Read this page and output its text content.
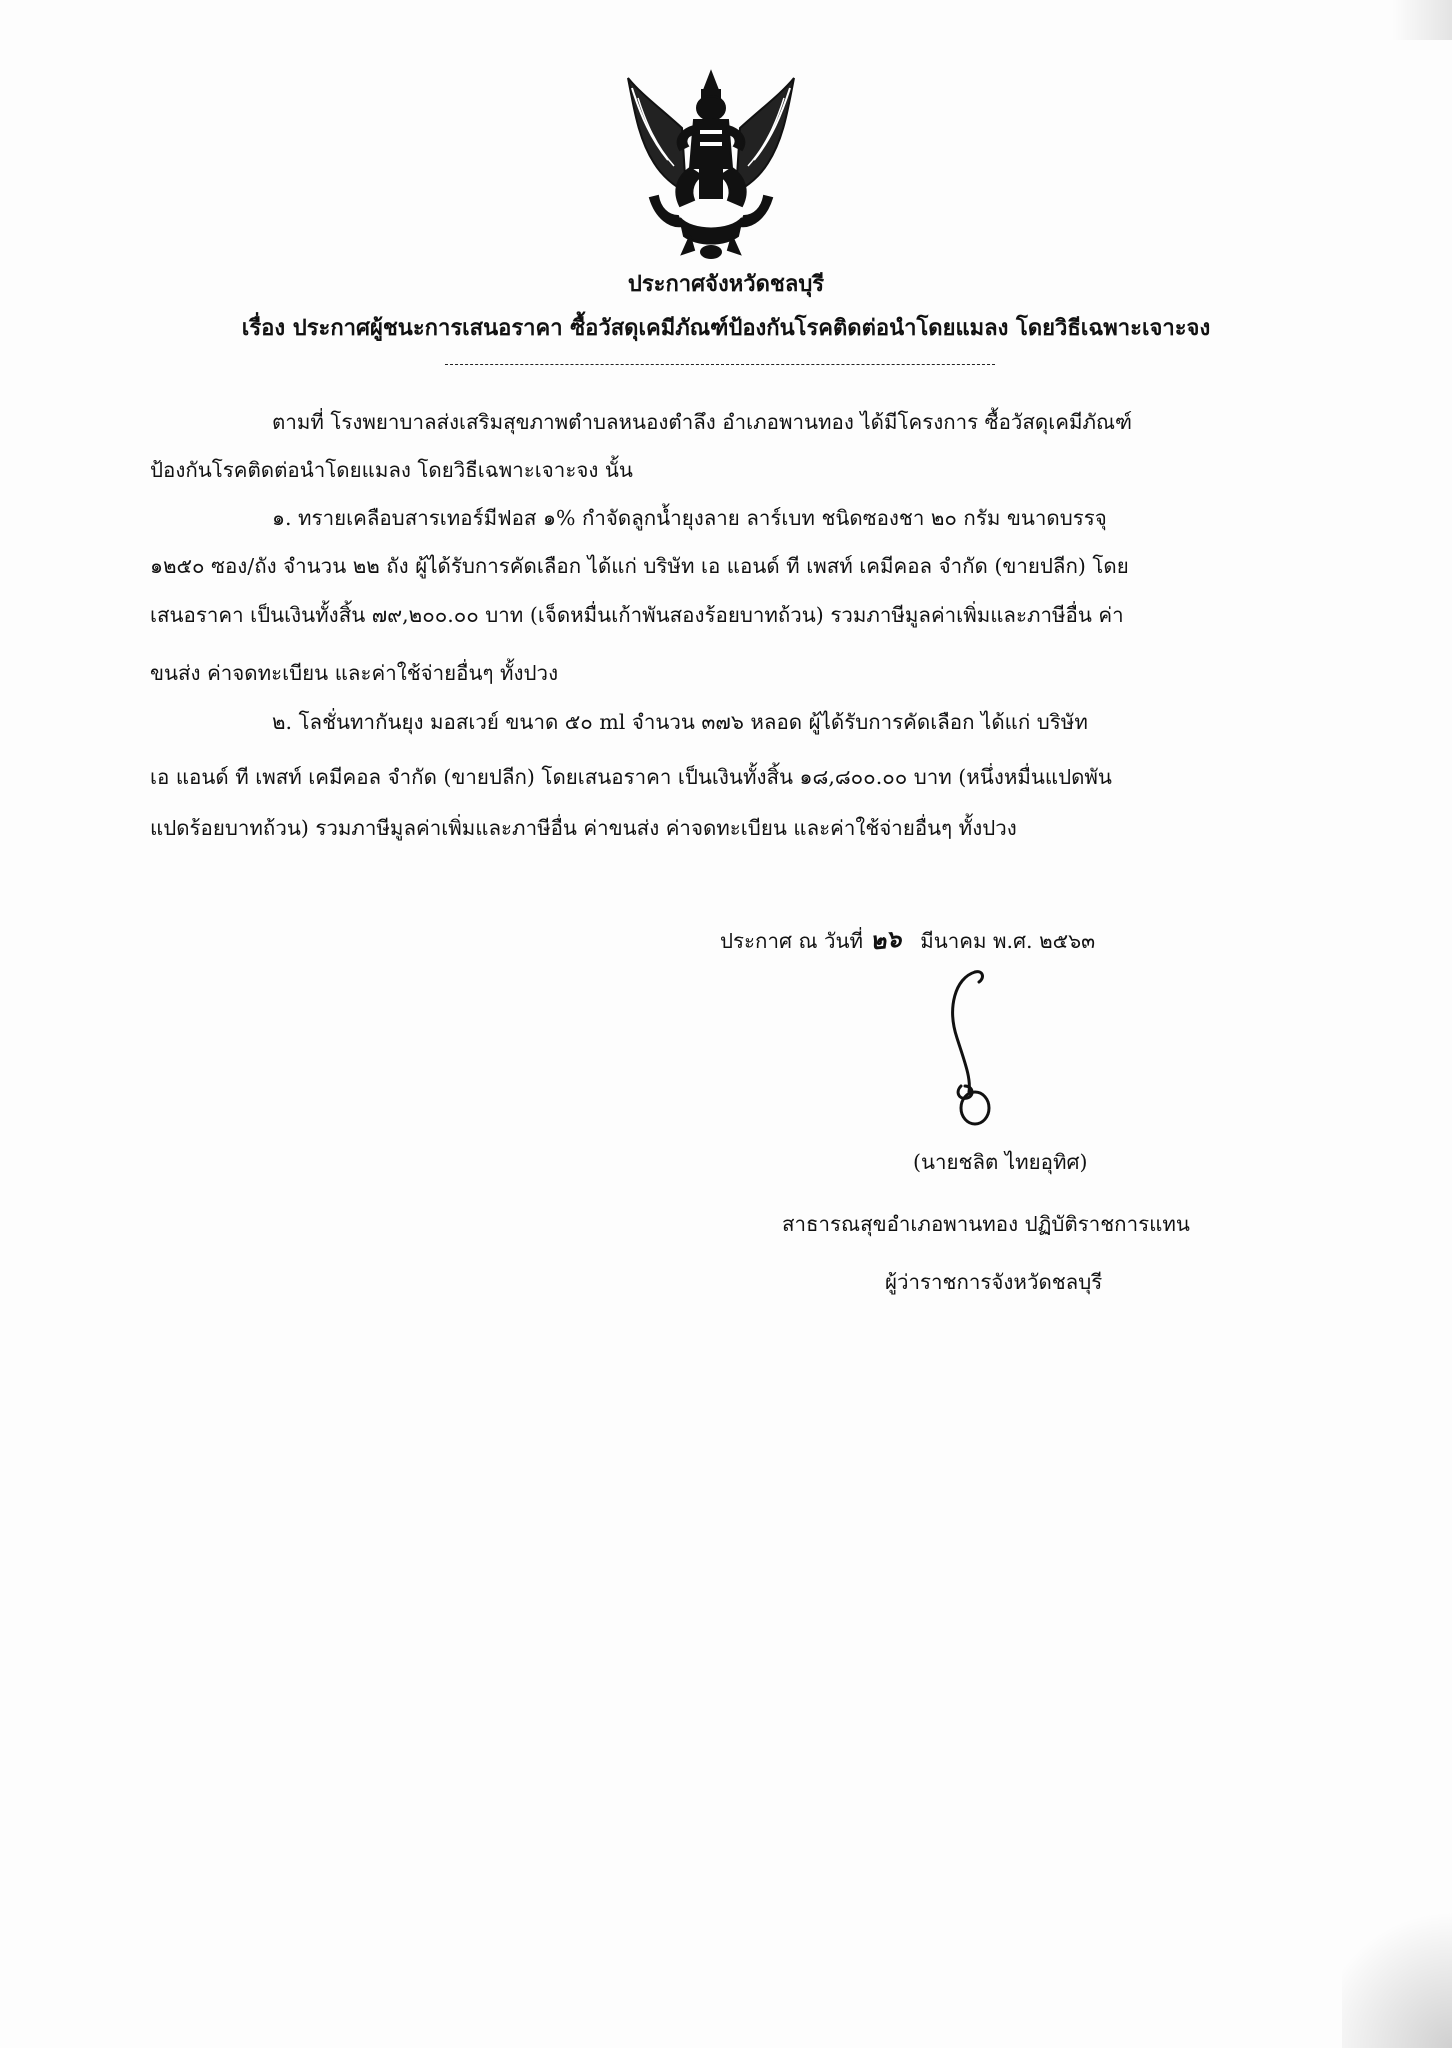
ประกาศจังหวัดชลบุรี
เรื่อง ประกาศผู้ชนะการเสนอราคา ซื้อวัสดุเคมีภัณฑ์ป้องกันโรคติดต่อนำโดยแมลง โดยวิธีเฉพาะเจาะจง
ตามที่ โรงพยาบาลส่งเสริมสุขภาพตำบลหนองตำลึง อำเภอพานทอง ได้มีโครงการ ซื้อวัสดุเคมีภัณฑ์
ป้องกันโรคติดต่อนำโดยแมลง โดยวิธีเฉพาะเจาะจง นั้น
๑. ทรายเคลือบสารเทอร์มีฟอส ๑% กำจัดลูกน้ำยุงลาย ลาร์เบท ชนิดซองชา ๒๐ กรัม ขนาดบรรจุ
๑๒๕๐ ซอง/ถัง จำนวน ๒๒ ถัง ผู้ได้รับการคัดเลือก ได้แก่ บริษัท เอ แอนด์ ที เพสท์ เคมีคอล จำกัด (ขายปลีก) โดย
เสนอราคา เป็นเงินทั้งสิ้น ๗๙,๒๐๐.๐๐ บาท (เจ็ดหมื่นเก้าพันสองร้อยบาทถ้วน) รวมภาษีมูลค่าเพิ่มและภาษีอื่น ค่า
ขนส่ง ค่าจดทะเบียน และค่าใช้จ่ายอื่นๆ ทั้งปวง
๒. โลชั่นทากันยุง มอสเวย์ ขนาด ๕๐ ml จำนวน ๓๗๖ หลอด ผู้ได้รับการคัดเลือก ได้แก่ บริษัท
เอ แอนด์ ที เพสท์ เคมีคอล จำกัด (ขายปลีก) โดยเสนอราคา เป็นเงินทั้งสิ้น ๑๘,๘๐๐.๐๐ บาท (หนึ่งหมื่นแปดพัน
แปดร้อยบาทถ้วน) รวมภาษีมูลค่าเพิ่มและภาษีอื่น ค่าขนส่ง ค่าจดทะเบียน และค่าใช้จ่ายอื่นๆ ทั้งปวง
ประกาศ ณ วันที่ ๒๖ มีนาคม พ.ศ. ๒๕๖๓
(นายชลิต ไทยอุทิศ)
สาธารณสุขอำเภอพานทอง ปฏิบัติราชการแทน
ผู้ว่าราชการจังหวัดชลบุรี
